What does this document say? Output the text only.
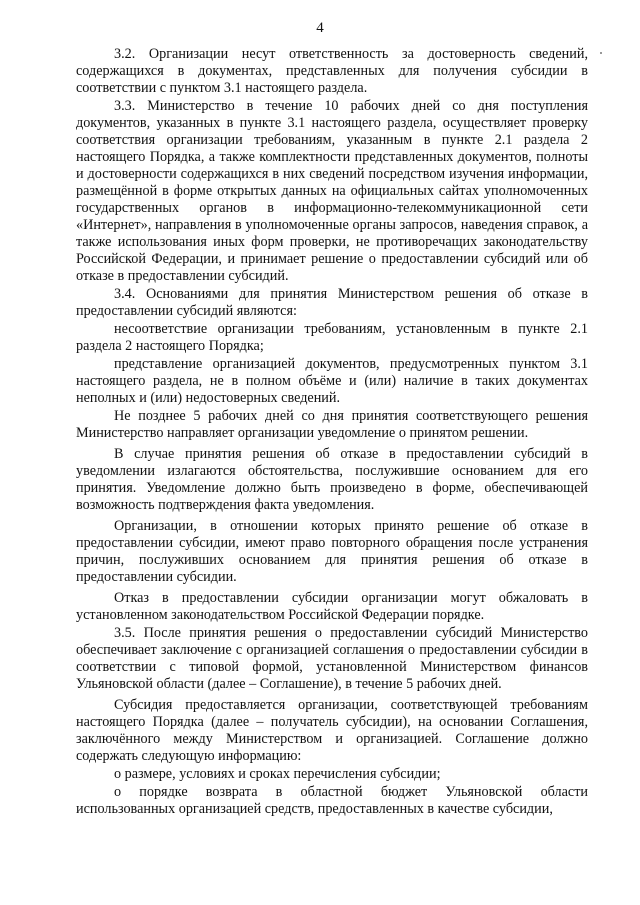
4

3.2. Организации несут ответственность за достоверность сведений, содержащихся в документах, представленных для получения субсидии в соответствии с пунктом 3.1 настоящего раздела.

3.3. Министерство в течение 10 рабочих дней со дня поступления документов, указанных в пункте 3.1 настоящего раздела, осуществляет проверку соответствия организации требованиям, указанным в пункте 2.1 раздела 2 настоящего Порядка, а также комплектности представленных документов, полноты и достоверности содержащихся в них сведений посредством изучения информации, размещённой в форме открытых данных на официальных сайтах уполномоченных государственных органов в информационно-телекоммуникационной сети «Интернет», направления в уполномоченные органы запросов, наведения справок, а также использования иных форм проверки, не противоречащих законодательству Российской Федерации, и принимает решение о предоставлении субсидий или об отказе в предоставлении субсидий.

3.4. Основаниями для принятия Министерством решения об отказе в предоставлении субсидий являются:

несоответствие организации требованиям, установленным в пункте 2.1 раздела 2 настоящего Порядка;

представление организацией документов, предусмотренных пунктом 3.1 настоящего раздела, не в полном объёме и (или) наличие в таких документах неполных и (или) недостоверных сведений.

Не позднее 5 рабочих дней со дня принятия соответствующего решения Министерство направляет организации уведомление о принятом решении.

В случае принятия решения об отказе в предоставлении субсидий в уведомлении излагаются обстоятельства, послужившие основанием для его принятия. Уведомление должно быть произведено в форме, обеспечивающей возможность подтверждения факта уведомления.

Организации, в отношении которых принято решение об отказе в предоставлении субсидии, имеют право повторного обращения после устранения причин, послуживших основанием для принятия решения об отказе в предоставлении субсидии.

Отказ в предоставлении субсидии организации могут обжаловать в установленном законодательством Российской Федерации порядке.

3.5. После принятия решения о предоставлении субсидий Министерство обеспечивает заключение с организацией соглашения о предоставлении субсидии в соответствии с типовой формой, установленной Министерством финансов Ульяновской области (далее – Соглашение), в течение 5 рабочих дней.

Субсидия предоставляется организации, соответствующей требованиям настоящего Порядка (далее – получатель субсидии), на основании Соглашения, заключённого между Министерством и организацией. Соглашение должно содержать следующую информацию:

о размере, условиях и сроках перечисления субсидии;

о порядке возврата в областной бюджет Ульяновской области использованных организацией средств, предоставленных в качестве субсидии,
